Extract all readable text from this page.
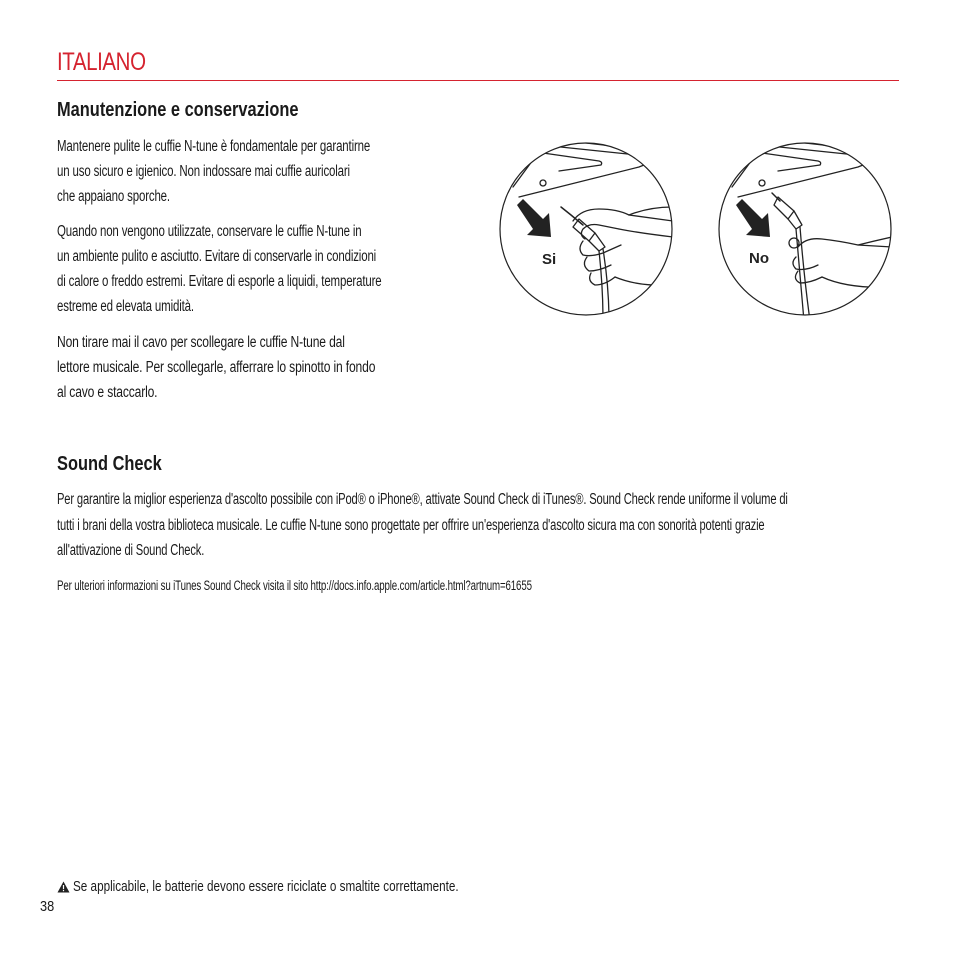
ITALIANO
Manutenzione e conservazione
Mantenere pulite le cuffie N-tune è fondamentale per garantirne
un uso sicuro e igienico. Non indossare mai cuffie auricolari
che appaiano sporche.
Quando non vengono utilizzate, conservare le cuffie N-tune in
un ambiente pulito e asciutto. Evitare di conservarle in condizioni
di calore o freddo estremi. Evitare di esporle a liquidi, temperature
estreme ed elevata umidità.
Non tirare mai il cavo per scollegare le cuffie N-tune dal
lettore musicale. Per scollegarle, afferrare lo spinotto in fondo
al cavo e staccarlo.
Si	No
Sound Check
Per garantire la miglior esperienza d'ascolto possibile con iPod® o iPhone®, attivate Sound Check di iTunes®. Sound Check rende uniforme il volume di
tutti i brani della vostra biblioteca musicale. Le cuffie N-tune sono progettate per offrire un'esperienza d'ascolto sicura ma con sonorità potenti grazie
all'attivazione di Sound Check.
Per ulteriori informazioni su iTunes Sound Check visita il sito http://docs.info.apple.com/article.html?artnum=61655
Se applicabile, le batterie devono essere riciclate o smaltite correttamente.
38
